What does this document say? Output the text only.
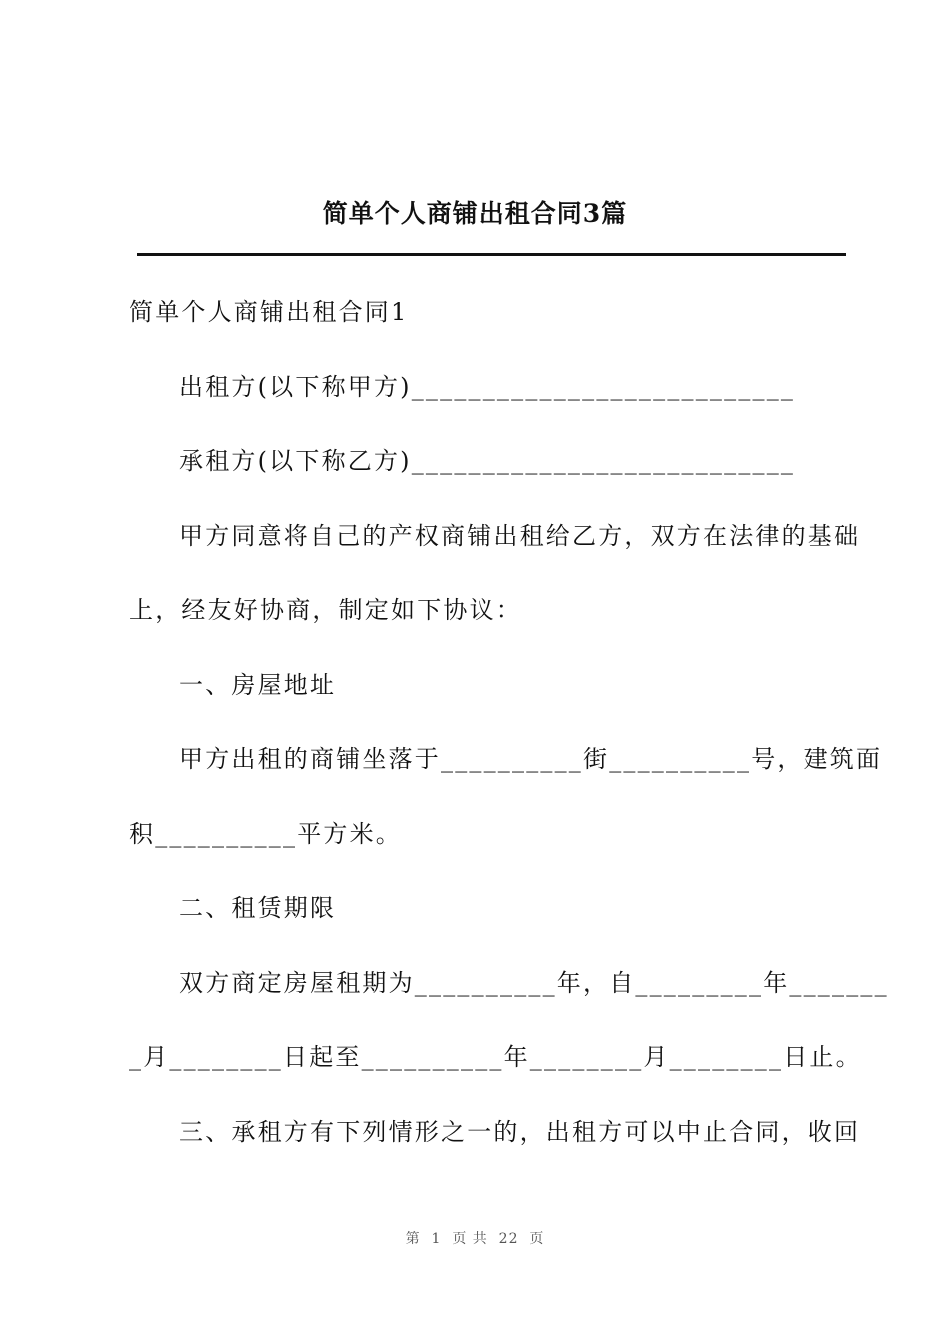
简单个人商铺出租合同3篇

简单个人商铺出租合同1

出租方(以下称甲方)___________________________

承租方(以下称乙方)___________________________

甲方同意将自己的产权商铺出租给乙方，双方在法律的基础

上，经友好协商，制定如下协议：

一、房屋地址

甲方出租的商铺坐落于__________街__________号，建筑面

积__________平方米。

二、租赁期限

双方商定房屋租期为__________年，自_________年_______

_月________日起至__________年________月________日止。

三、承租方有下列情形之一的，出租方可以中止合同，收回

第  1  页 共  22  页
